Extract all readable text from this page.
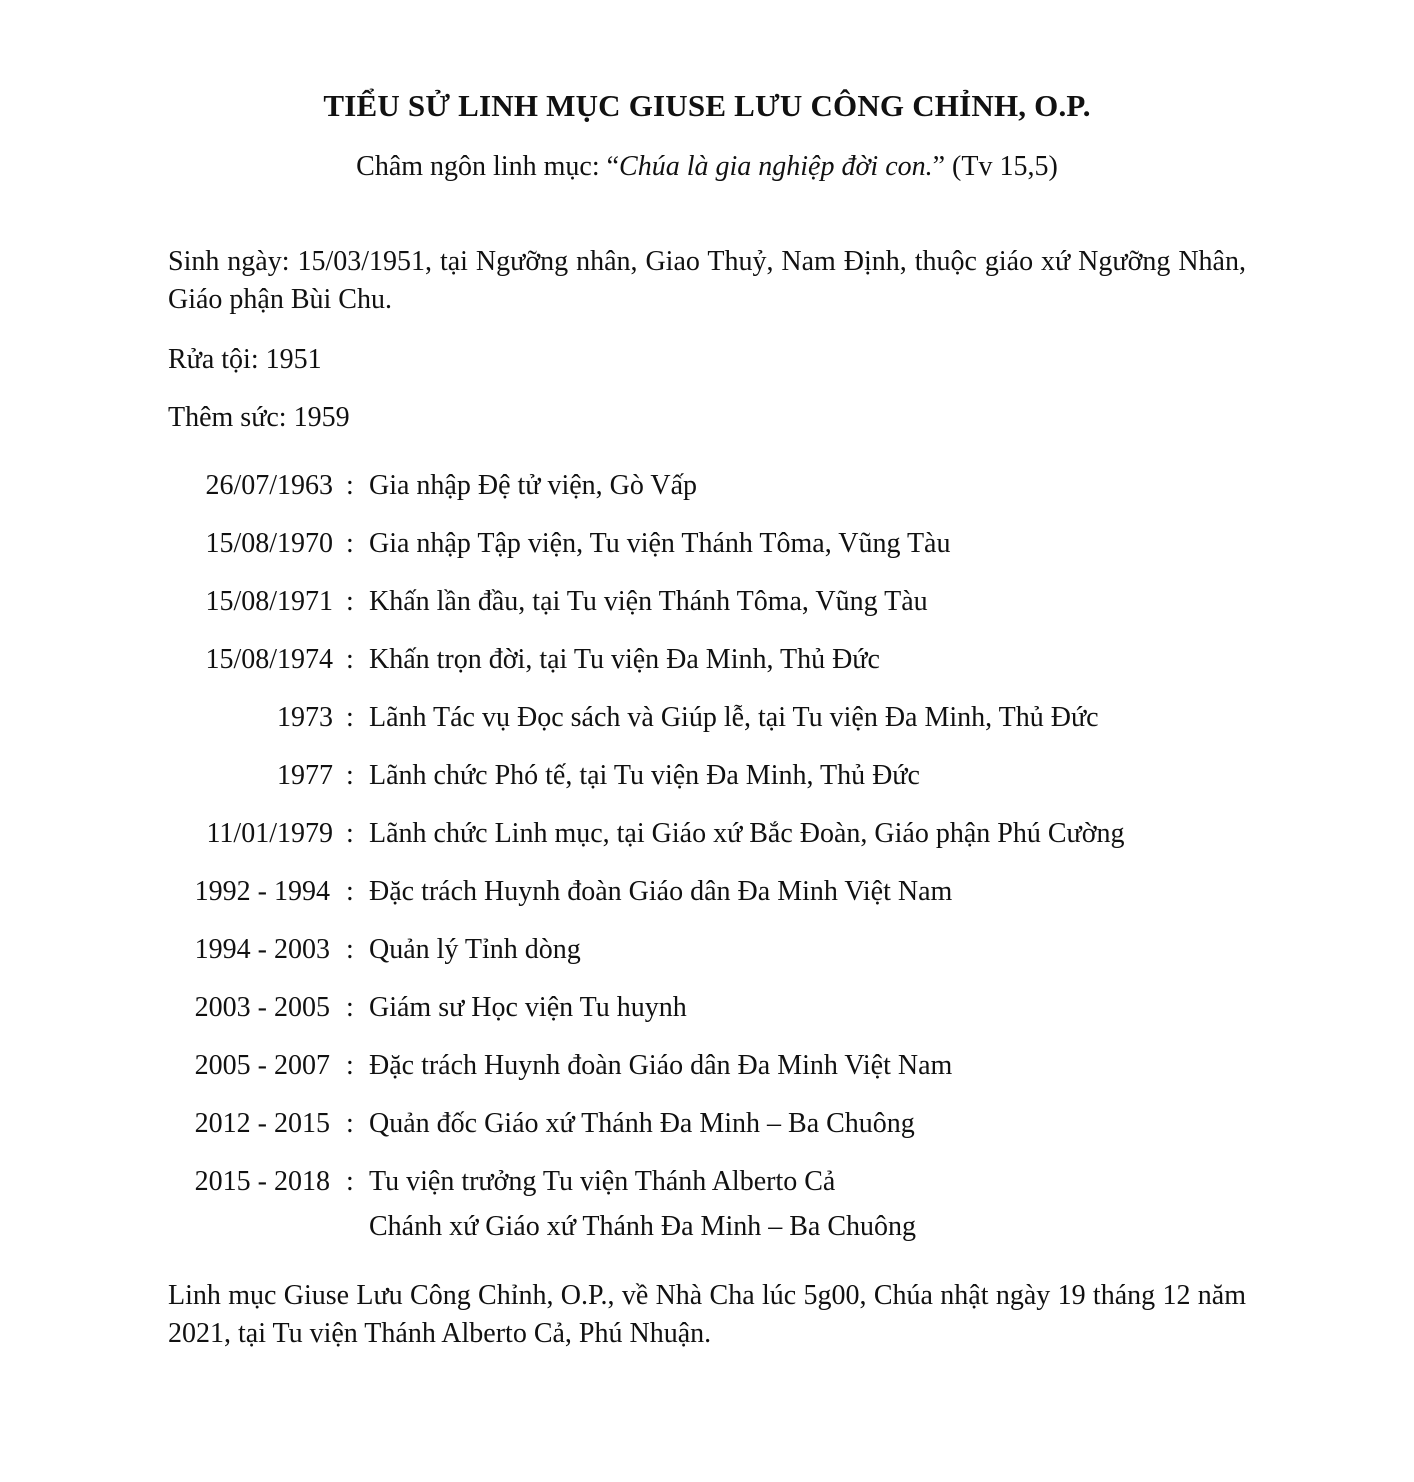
TIỂU SỬ LINH MỤC GIUSE LƯU CÔNG CHỈNH, O.P.
Châm ngôn linh mục: “Chúa là gia nghiệp đời con.” (Tv 15,5)
Sinh ngày: 15/03/1951, tại Ngưỡng nhân, Giao Thuỷ, Nam Định, thuộc giáo xứ Ngưỡng Nhân, Giáo phận Bùi Chu.
Rửa tội: 1951
Thêm sức: 1959
26/07/1963 : Gia nhập Đệ tử viện, Gò Vấp
15/08/1970 : Gia nhập Tập viện, Tu viện Thánh Tôma, Vũng Tàu
15/08/1971 : Khấn lần đầu, tại Tu viện Thánh Tôma, Vũng Tàu
15/08/1974 : Khấn trọn đời, tại Tu viện Đa Minh, Thủ Đức
1973 : Lãnh Tác vụ Đọc sách và Giúp lễ, tại Tu viện Đa Minh, Thủ Đức
1977 : Lãnh chức Phó tế, tại Tu viện Đa Minh, Thủ Đức
11/01/1979 : Lãnh chức Linh mục, tại Giáo xứ Bắc Đoàn, Giáo phận Phú Cường
1992 - 1994 : Đặc trách Huynh đoàn Giáo dân Đa Minh Việt Nam
1994 - 2003 : Quản lý Tỉnh dòng
2003 - 2005 : Giám sư Học viện Tu huynh
2005 - 2007 : Đặc trách Huynh đoàn Giáo dân Đa Minh Việt Nam
2012 - 2015 : Quản đốc Giáo xứ Thánh Đa Minh – Ba Chuông
2015 - 2018 : Tu viện trưởng Tu viện Thánh Alberto Cả
Chánh xứ Giáo xứ Thánh Đa Minh – Ba Chuông
Linh mục Giuse Lưu Công Chỉnh, O.P., về Nhà Cha lúc 5g00, Chúa nhật ngày 19 tháng 12 năm 2021, tại Tu viện Thánh Alberto Cả, Phú Nhuận.
